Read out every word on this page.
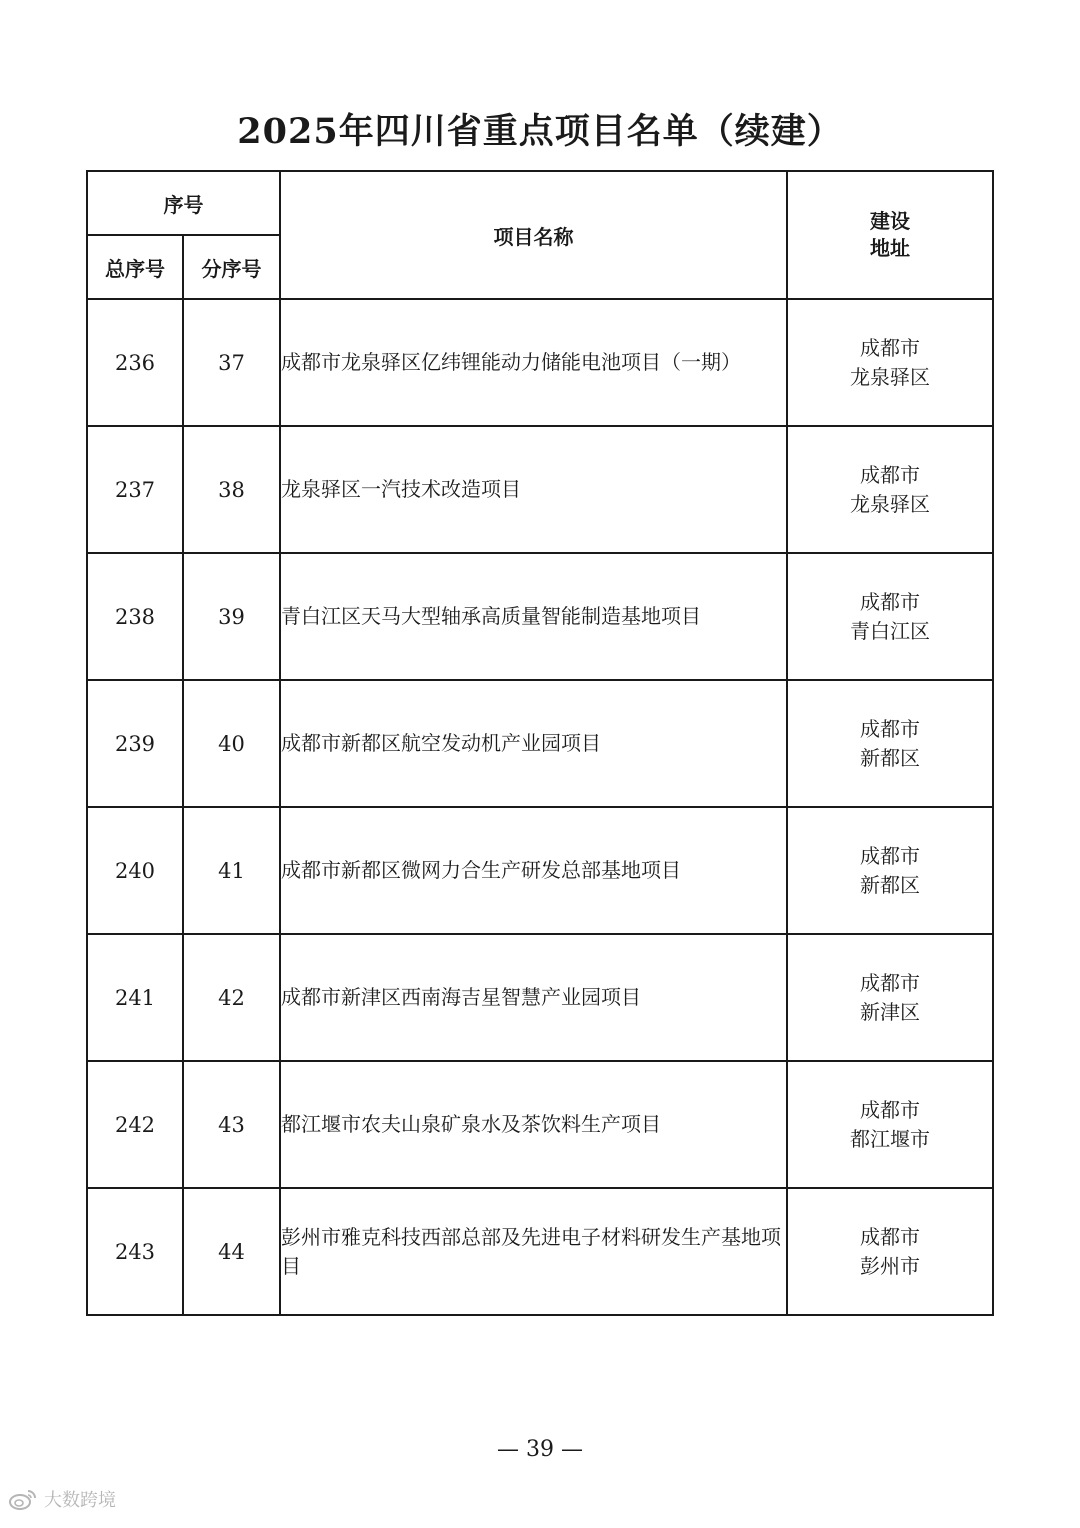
2025年四川省重点项目名单（续建）
序号		项目名称	建设
地址

总序号	分序号		
236	37	成都市龙泉驿区亿纬锂能动力储能电池项目（一期）	成都市
龙泉驿区

237	38	龙泉驿区一汽技术改造项目	成都市
龙泉驿区

238	39	青白江区天马大型轴承高质量智能制造基地项目	成都市
青白江区

239	40	成都市新都区航空发动机产业园项目	成都市
新都区

240	41	成都市新都区微网力合生产研发总部基地项目	成都市
新都区

241	42	成都市新津区西南海吉星智慧产业园项目	成都市
新津区

242	43	都江堰市农夫山泉矿泉水及茶饮料生产项目	成都市
都江堰市

243	44	彭州市雅克科技西部总部及先进电子材料研发生产基地项目	成都市
彭州市
— 39 —
大数跨境
